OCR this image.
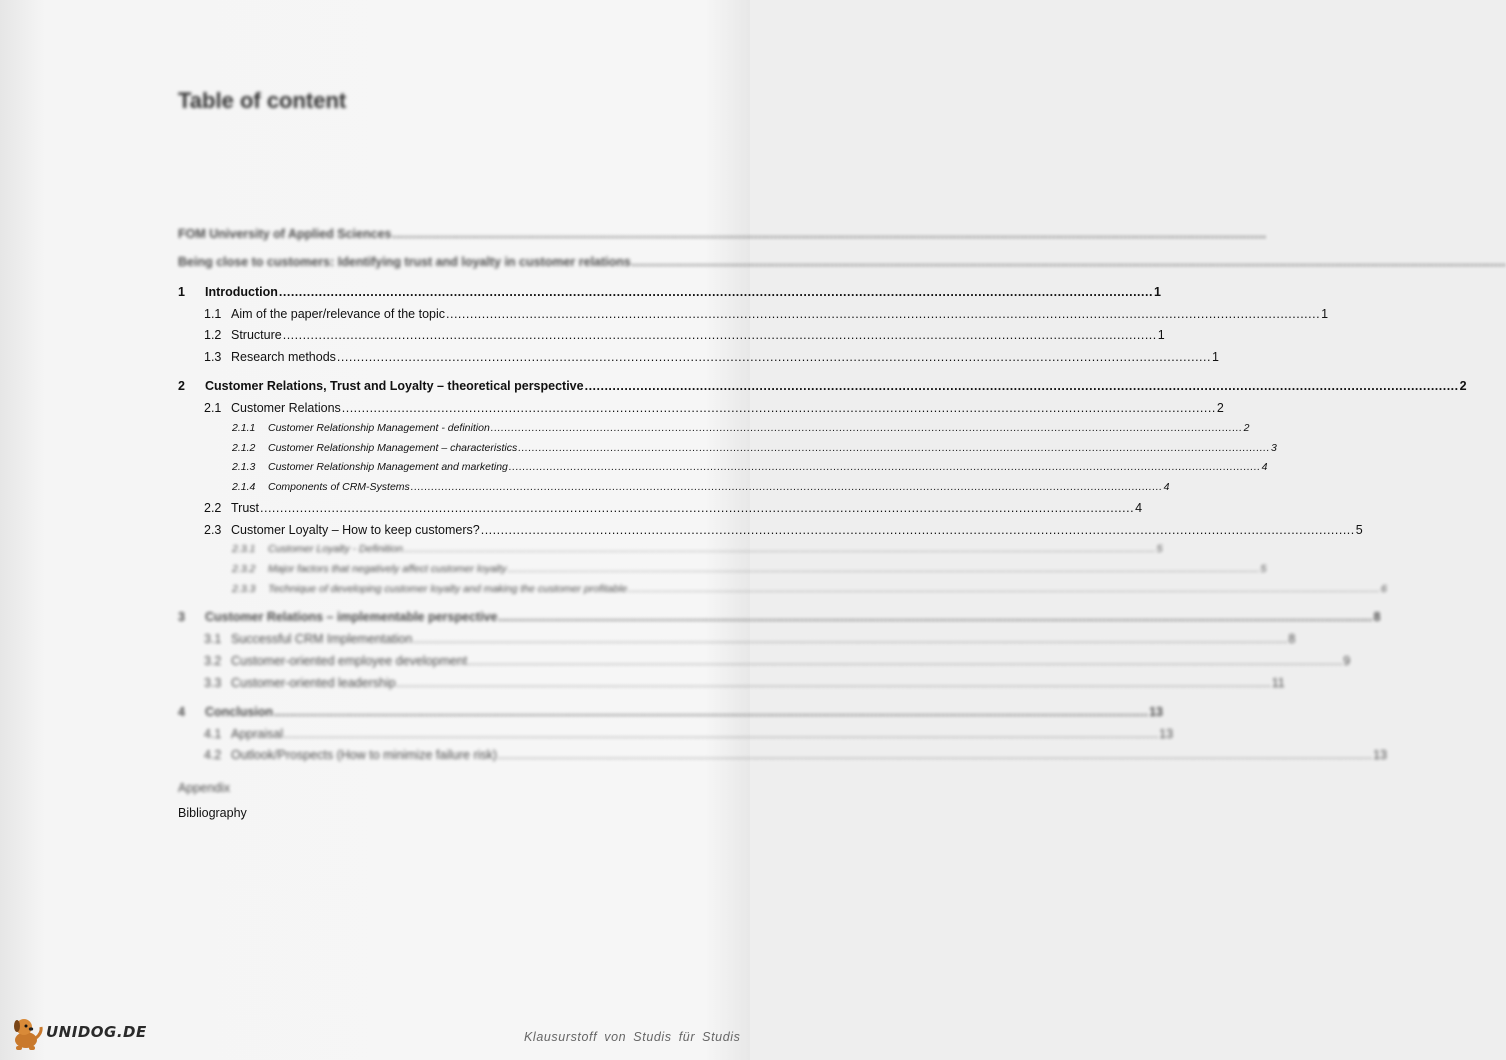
Table of content
FOM University of Applied Sciences ............................................................................................................................................................................................................................
Being close to customers: Identifying trust and loyalty in customer relations ............................................................................................................................................................................................................................
1	Introduction ............................................................................................................................................................................................................................ 1
1.1 Aim of the paper/relevance of the topic ............................................................................................................................................................................................................................ 1
1.2 Structure ............................................................................................................................................................................................................................ 1
1.3 Research methods ............................................................................................................................................................................................................................ 1
2	Customer Relations, Trust and Loyalty – theoretical perspective ............................................................................................................................................................................................................................ 2
2.1 Customer Relations ............................................................................................................................................................................................................................ 2
2.1.1	Customer Relationship Management - definition ............................................................................................................................................................................................................................ 2
2.1.2	Customer Relationship Management – characteristics ............................................................................................................................................................................................................................ 3
2.1.3	Customer Relationship Management and marketing ............................................................................................................................................................................................................................ 4
2.1.4	Components of CRM-Systems ............................................................................................................................................................................................................................ 4
2.2 Trust ............................................................................................................................................................................................................................ 4
2.3 Customer Loyalty – How to keep customers? ............................................................................................................................................................................................................................ 5
2.3.1	Customer Loyalty - Definition ............................................................................................................................................................................................................................ 5
2.3.2	Major factors that negatively affect customer loyalty ............................................................................................................................................................................................................................ 5
2.3.3	Technique of developing customer loyalty and making the customer profitable ............................................................................................................................................................................................................................ 6
3	Customer Relations – implementable perspective ............................................................................................................................................................................................................................ 8
3.1 Successful CRM Implementation ............................................................................................................................................................................................................................ 8
3.2 Customer-oriented employee development ............................................................................................................................................................................................................................ 9
3.3 Customer-oriented leadership ............................................................................................................................................................................................................................ 11
4	Conclusion ............................................................................................................................................................................................................................ 13
4.1 Appraisal ............................................................................................................................................................................................................................ 13
4.2 Outlook/Prospects (How to minimize failure risk) ............................................................................................................................................................................................................................ 13
Appendix
Bibliography
UNIDOG.DE	Klausurstoff von Studis für Studis
